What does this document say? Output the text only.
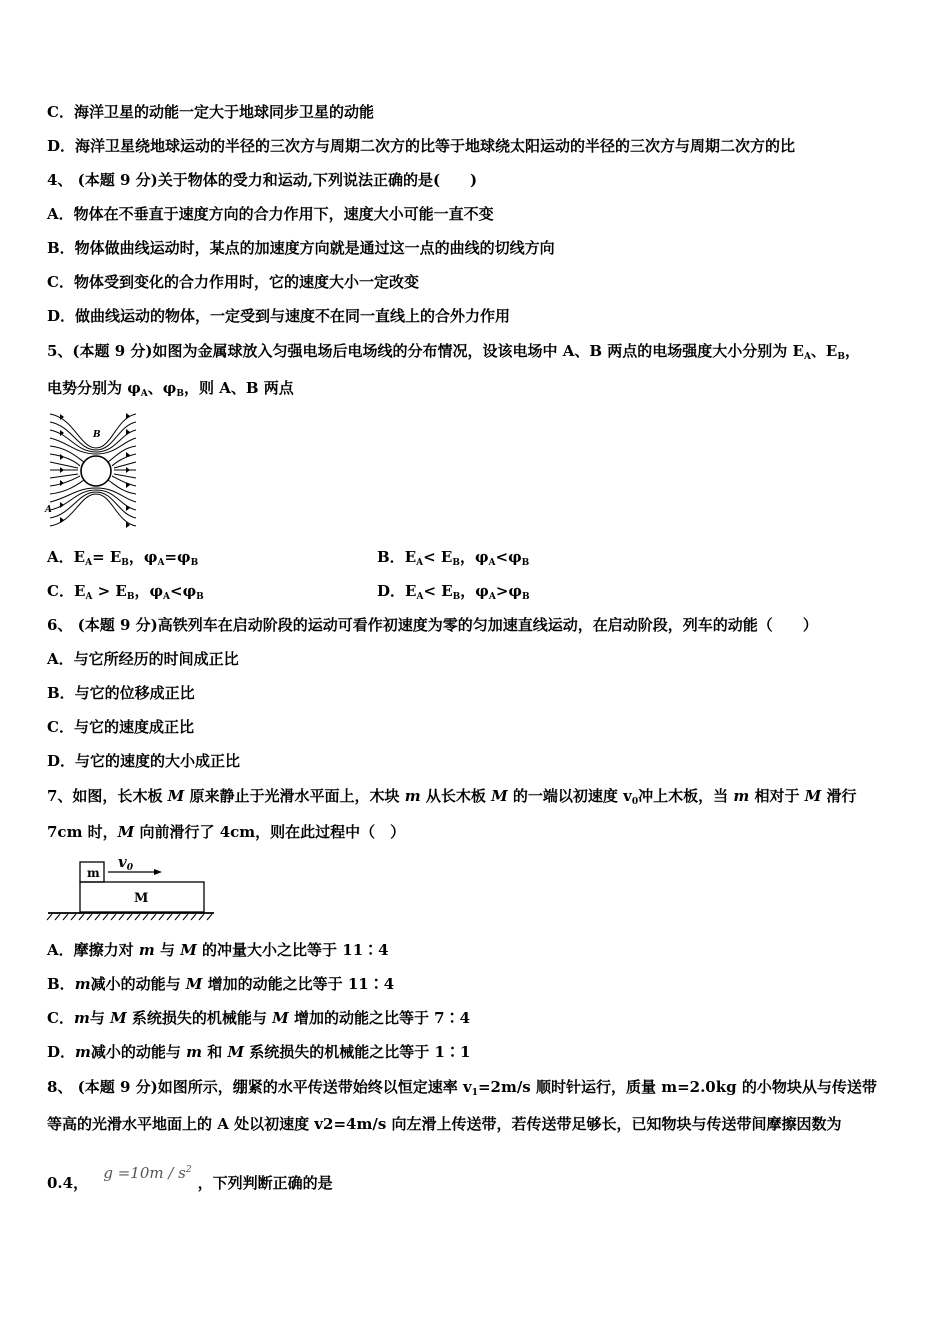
C．海洋卫星的动能一定大于地球同步卫星的动能
D．海洋卫星绕地球运动的半径的三次方与周期二次方的比等于地球绕太阳运动的半径的三次方与周期二次方的比
4、 (本题 9 分)关于物体的受力和运动,下列说法正确的是(　　)
A．物体在不垂直于速度方向的合力作用下，速度大小可能一直不变
B．物体做曲线运动时，某点的加速度方向就是通过这一点的曲线的切线方向
C．物体受到变化的合力作用时，它的速度大小一定改变
D．做曲线运动的物体，一定受到与速度不在同一直线上的合外力作用
5、(本题 9 分)如图为金属球放入匀强电场后电场线的分布情况，设该电场中 A、B 两点的电场强度大小分别为 $E_A$、$E_B$，
电势分别为 $\varphi_A$、$\varphi_B$，则 A、B 两点
B
A
A．$E_A= E_B$，$\varphi_A=\varphi_B$	B．$E_A< E_B$，$\varphi_A<\varphi_B$
C．$E_A > E_B$，$\varphi_A<\varphi_B$	D．$E_A< E_B$，$\varphi_A>\varphi_B$
6、 (本题 9 分)高铁列车在启动阶段的运动可看作初速度为零的匀加速直线运动，在启动阶段，列车的动能（　　）
A．与它所经历的时间成正比
B．与它的位移成正比
C．与它的速度成正比
D．与它的速度的大小成正比
7、如图，长木板 M 原来静止于光滑水平面上，木块 m 从长木板 M 的一端以初速度 $v_0$冲上木板，当 m 相对于 M 滑行
7cm 时，M 向前滑行了 4cm，则在此过程中（　）
m
M
$v_0$
A．摩擦力对 m 与 M 的冲量大小之比等于 11∶4
B．m减小的动能与 M 增加的动能之比等于 11∶4
C．m与 M 系统损失的机械能与 M 增加的动能之比等于 7∶4
D．m减小的动能与 m 和 M 系统损失的机械能之比等于 1∶1
8、 (本题 9 分)如图所示，绷紧的水平传送带始终以恒定速率 $v_1=2m/s$ 顺时针运行，质量 m=2.0kg 的小物块从与传送带
等高的光滑水平地面上的 A 处以初速度 v2=4m/s 向左滑上传送带，若传送带足够长，已知物块与传送带间摩擦因数为
0.4， $g =10m / s^2$，下列判断正确的是
